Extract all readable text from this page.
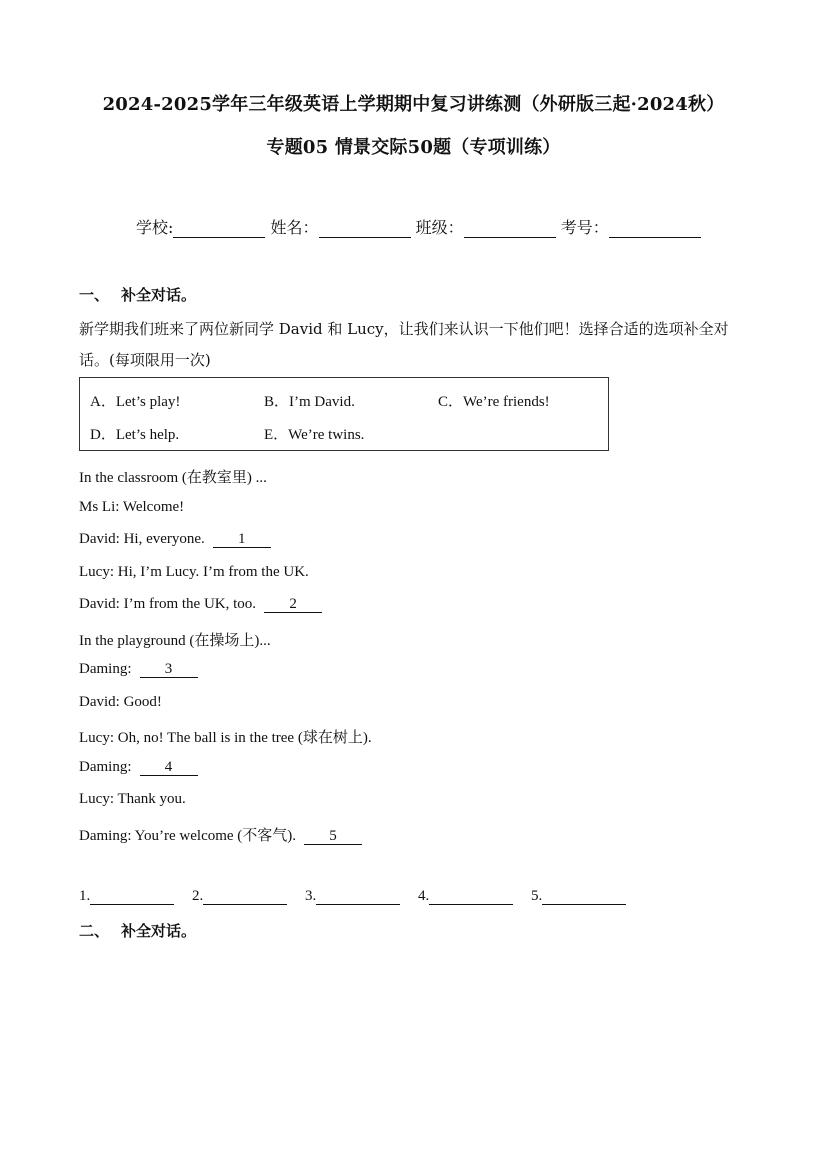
2024-2025学年三年级英语上学期期中复习讲练测（外研版三起·2024秋）
专题05 情景交际50题（专项训练）
学校:	姓名：	班级：	考号：
一、 补全对话。
新学期我们班来了两位新同学 David 和 Lucy，让我们来认识一下他们吧！选择合适的选项补全对话。(每项限用一次)
A．Let’s play!	B．I’m David.	C．We’re friends!
D．Let’s help.	E．We’re twins.
In the classroom (在教室里) ...
Ms Li: Welcome!
David: Hi, everyone. 1
Lucy: Hi, I’m Lucy. I’m from the UK.
David: I’m from the UK, too. 2
In the playground (在操场上)...
Daming: 3
David: Good!
Lucy: Oh, no! The ball is in the tree (球在树上).
Daming: 4
Lucy: Thank you.
Daming: You’re welcome (不客气). 5
1.	2.	3.	4.	5.
二、 补全对话。
